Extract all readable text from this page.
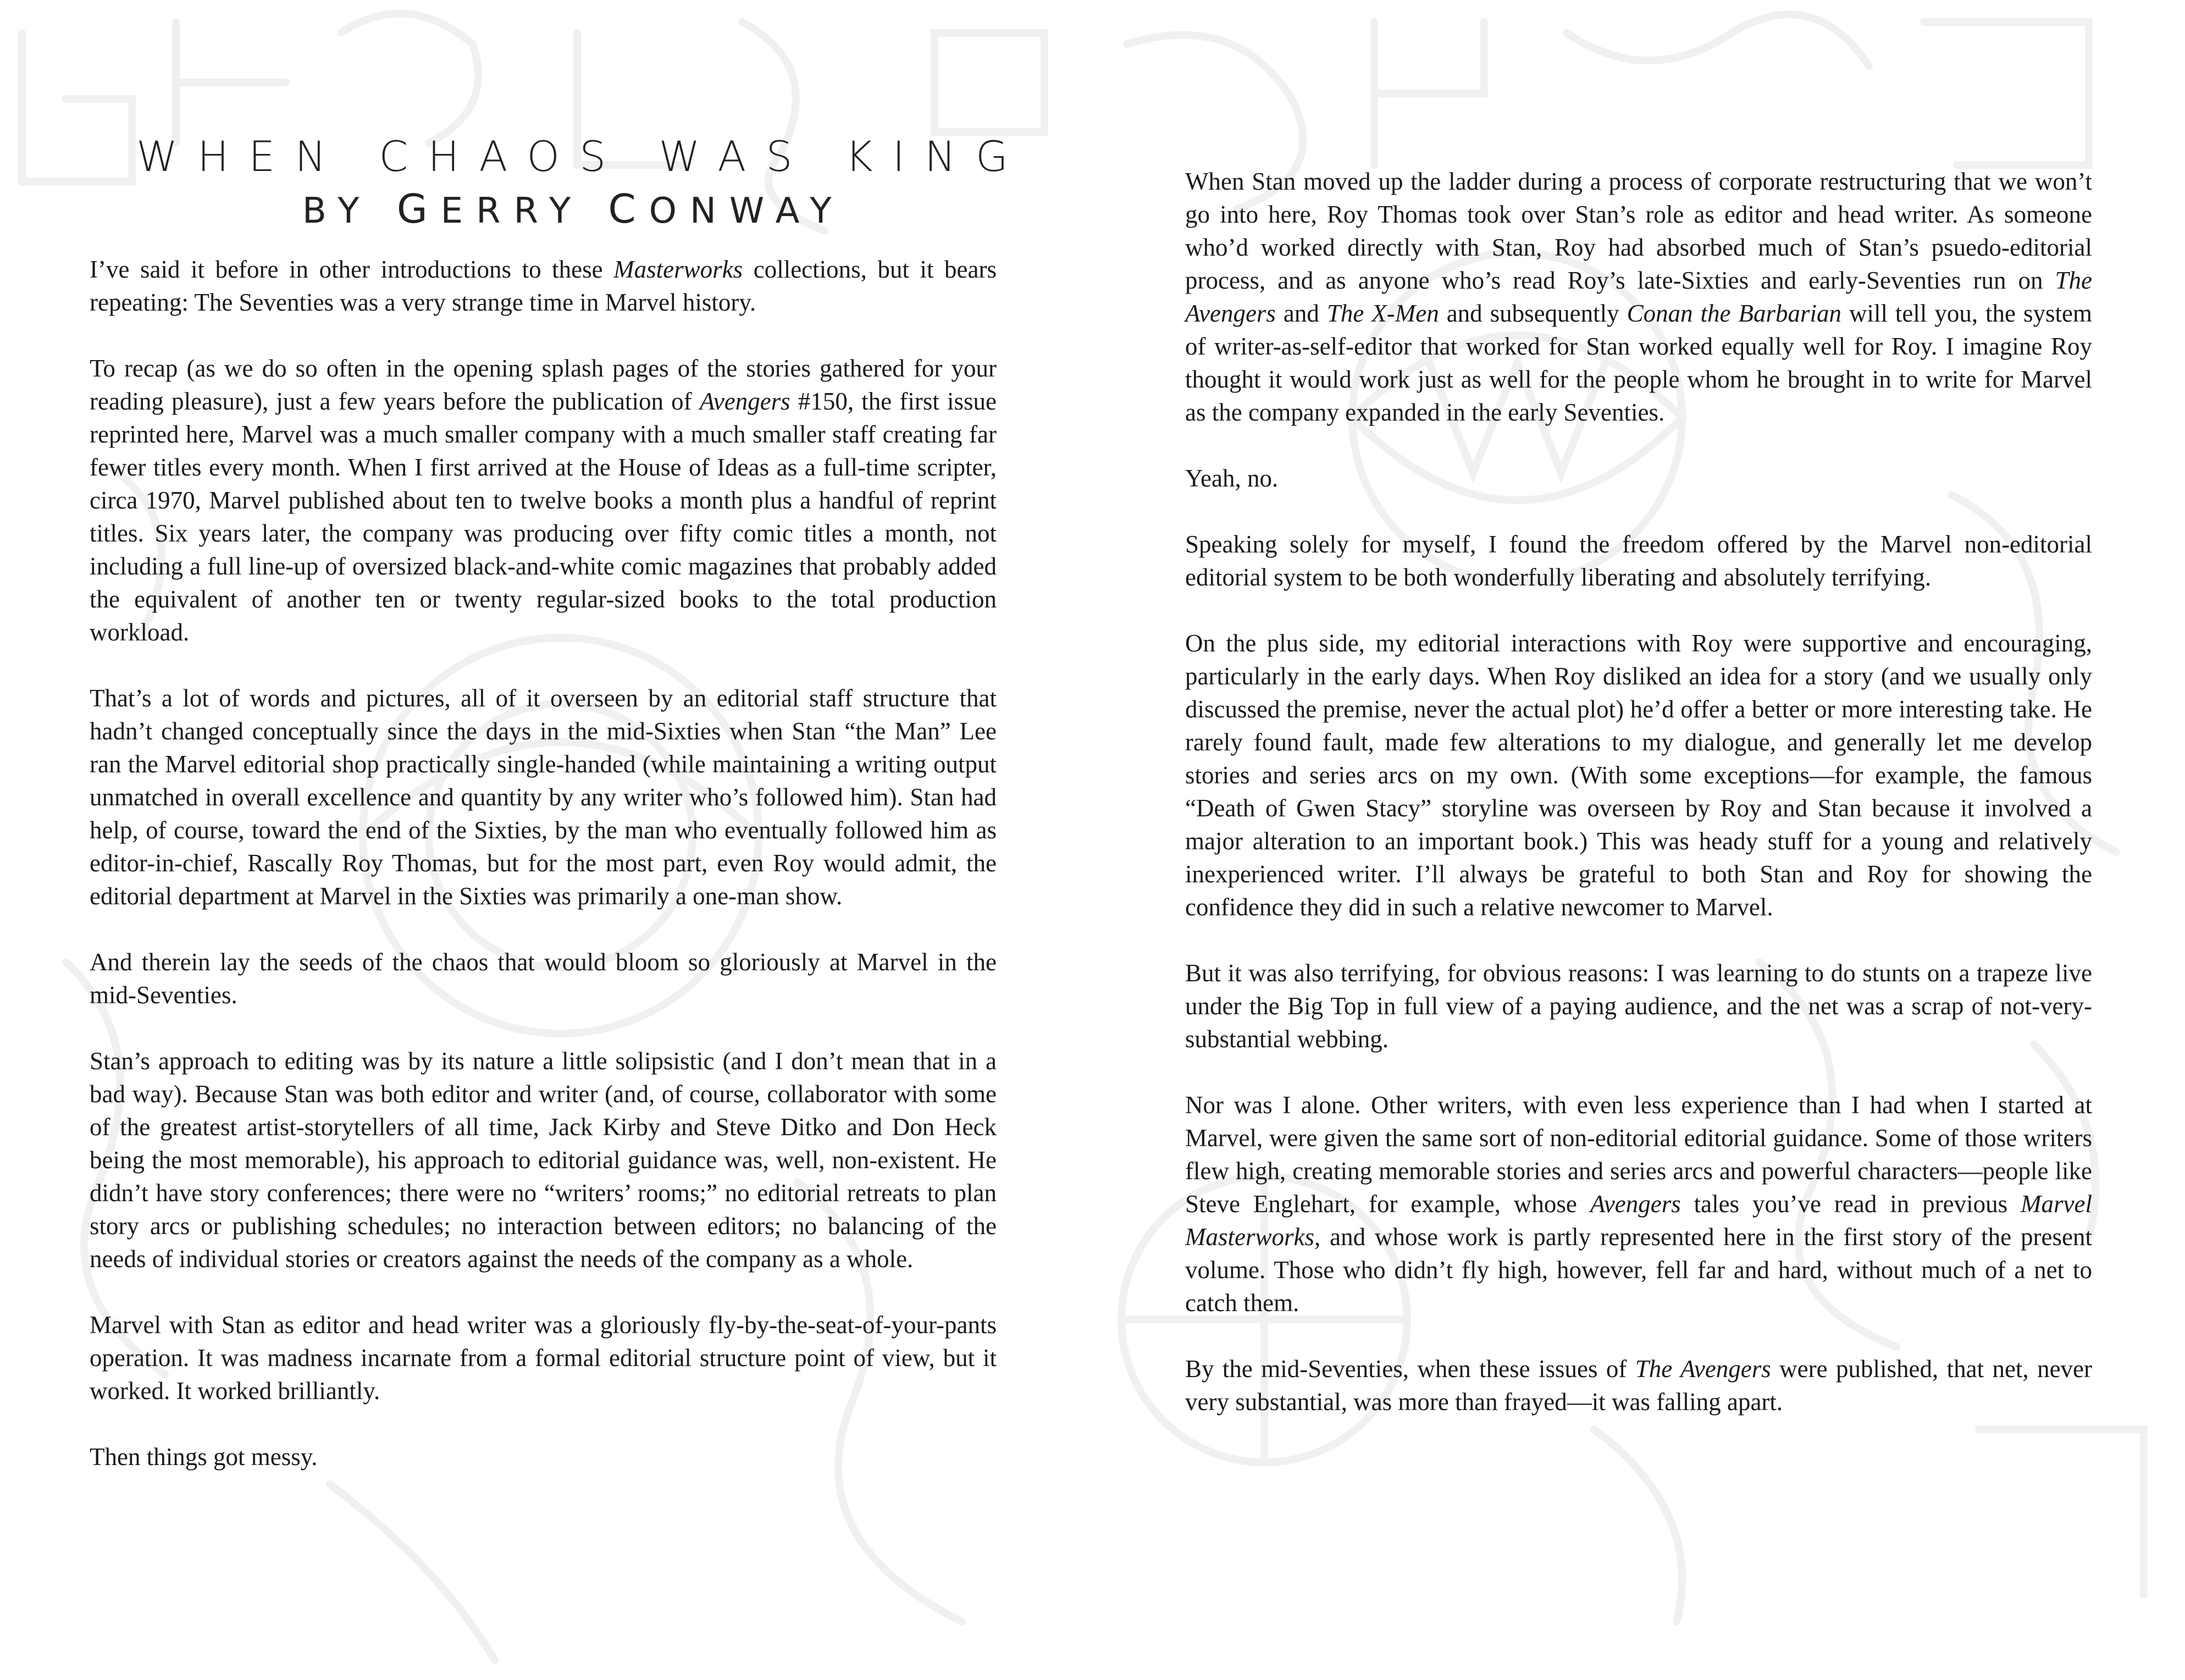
WHEN CHAOS WAS KING

BY GERRY CONWAY

I’ve said it before in other introductions to these Masterworks collections, but it bears repeating: The Seventies was a very strange time in Marvel history.

To recap (as we do so often in the opening splash pages of the stories gathered for your reading pleasure), just a few years before the publication of Avengers #150, the first issue reprinted here, Marvel was a much smaller company with a much smaller staff creating far fewer titles every month. When I first arrived at the House of Ideas as a full-time scripter, circa 1970, Marvel published about ten to twelve books a month plus a handful of reprint titles. Six years later, the company was producing over fifty comic titles a month, not including a full line-up of oversized black-and-white comic magazines that probably added the equivalent of another ten or twenty regular-sized books to the total production workload.

That’s a lot of words and pictures, all of it overseen by an editorial staff structure that hadn’t changed conceptually since the days in the mid-Sixties when Stan “the Man” Lee ran the Marvel editorial shop practically single-handed (while maintaining a writing output unmatched in overall excellence and quantity by any writer who’s followed him). Stan had help, of course, toward the end of the Sixties, by the man who eventually followed him as editor-in-chief, Rascally Roy Thomas, but for the most part, even Roy would admit, the editorial department at Marvel in the Sixties was primarily a one-man show.

And therein lay the seeds of the chaos that would bloom so gloriously at Marvel in the mid-Seventies.

Stan’s approach to editing was by its nature a little solipsistic (and I don’t mean that in a bad way). Because Stan was both editor and writer (and, of course, collaborator with some of the greatest artist-storytellers of all time, Jack Kirby and Steve Ditko and Don Heck being the most memorable), his approach to editorial guidance was, well, non-existent. He didn’t have story conferences; there were no “writers’ rooms;” no editorial retreats to plan story arcs or publishing schedules; no interaction between editors; no balancing of the needs of individual stories or creators against the needs of the company as a whole.

Marvel with Stan as editor and head writer was a gloriously fly-by-the-seat-of-your-pants operation. It was madness incarnate from a formal editorial structure point of view, but it worked. It worked brilliantly.

Then things got messy.

When Stan moved up the ladder during a process of corporate restructuring that we won’t go into here, Roy Thomas took over Stan’s role as editor and head writer. As someone who’d worked directly with Stan, Roy had absorbed much of Stan’s psuedo-editorial process, and as anyone who’s read Roy’s late-Sixties and early-Seventies run on The Avengers and The X-Men and subsequently Conan the Barbarian will tell you, the system of writer-as-self-editor that worked for Stan worked equally well for Roy. I imagine Roy thought it would work just as well for the people whom he brought in to write for Marvel as the company expanded in the early Seventies.

Yeah, no.

Speaking solely for myself, I found the freedom offered by the Marvel non-editorial editorial system to be both wonderfully liberating and absolutely terrifying.

On the plus side, my editorial interactions with Roy were supportive and encouraging, particularly in the early days. When Roy disliked an idea for a story (and we usually only discussed the premise, never the actual plot) he’d offer a better or more interesting take. He rarely found fault, made few alterations to my dialogue, and generally let me develop stories and series arcs on my own. (With some exceptions—for example, the famous “Death of Gwen Stacy” storyline was overseen by Roy and Stan because it involved a major alteration to an important book.) This was heady stuff for a young and relatively inexperienced writer. I’ll always be grateful to both Stan and Roy for showing the confidence they did in such a relative newcomer to Marvel.

But it was also terrifying, for obvious reasons: I was learning to do stunts on a trapeze live under the Big Top in full view of a paying audience, and the net was a scrap of not-very-substantial webbing.

Nor was I alone. Other writers, with even less experience than I had when I started at Marvel, were given the same sort of non-editorial editorial guidance. Some of those writers flew high, creating memorable stories and series arcs and powerful characters—people like Steve Englehart, for example, whose Avengers tales you’ve read in previous Marvel Masterworks, and whose work is partly represented here in the first story of the present volume. Those who didn’t fly high, however, fell far and hard, without much of a net to catch them.

By the mid-Seventies, when these issues of The Avengers were published, that net, never very substantial, was more than frayed—it was falling apart.
